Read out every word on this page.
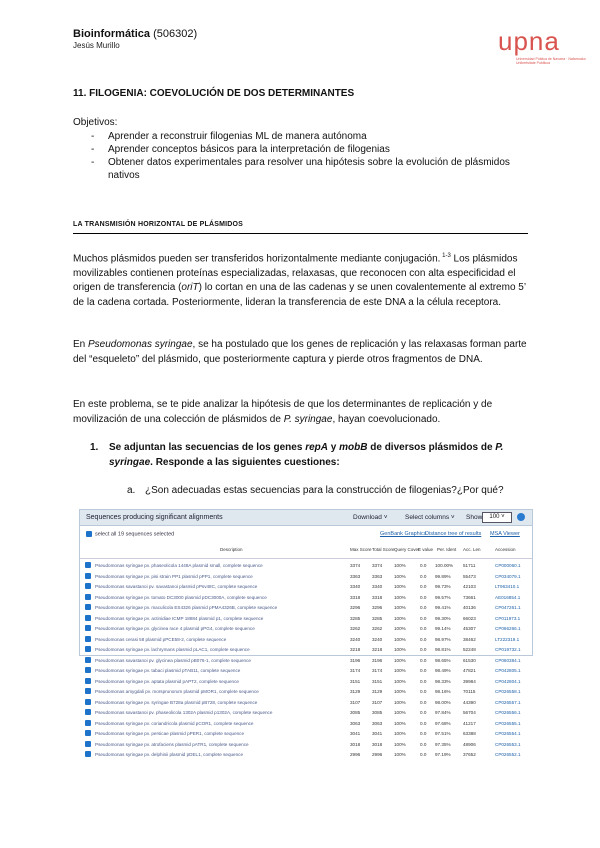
Bioinformática (506302)
Jesús Murillo	upna
Universidad Pública de Navarra · Nafarroako Unibertsitate Publikoa
11. FILOGENIA: COEVOLUCIÓN DE DOS DETERMINANTES
Objetivos:
- Aprender a reconstruir filogenias ML de manera autónoma
- Aprender conceptos básicos para la interpretación de filogenias
- Obtener datos experimentales para resolver una hipótesis sobre la evolución de plásmidos nativos
LA TRANSMISIÓN HORIZONTAL DE PLÁSMIDOS
Muchos plásmidos pueden ser transferidos horizontalmente mediante conjugación. $^{1-3}$ Los plásmidos movilizables contienen proteínas especializadas, relaxasas, que reconocen con alta especificidad el origen de transferencia (oriT) lo cortan en una de las cadenas y se unen covalentemente al extremo 5’ de la cadena cortada. Posteriormente, lideran la transferencia de este DNA a la célula receptora.
En Pseudomonas syringae, se ha postulado que los genes de replicación y las relaxasas forman parte del “esqueleto” del plásmido, que posteriormente captura y pierde otros fragmentos de DNA.
En este problema, se te pide analizar la hipótesis de que los determinantes de replicación y de movilización de una colección de plásmidos de P. syringae, hayan coevolucionado.
1.	Se adjuntan las secuencias de los genes repA y mobB de diversos plásmidos de P. syringae. Responde a las siguientes cuestiones:
a. ¿Son adecuadas estas secuencias para la construcción de filogenias?¿Por qué?
Sequences producing significant alignments	Download ˅	Select columns ˅ Show	100 ˅
select all 19 sequences selected	GenBank Graphics
Distance tree of results MSA Viewer
Description	Max Score Total Score Query Cover
E value Per. Ident Acc. Len	Accession
Pseudomonas syringae pv. phaseolicola 1448A plasmid small, complete sequence	3374	3374	100%	0.0 100.00% 51711	CP000060.1
Pseudomonas syringae pv. pisi strain PP1 plasmid pPP1, complete sequence	3363	3363	100%	0.0 99.89%	55473	CP034079.1
Pseudomonas savastanoi pv. savastanoi plasmid pPsv48C, complete sequence	3340	3340	100%	0.0 99.73%	42103	LT963410.1
Pseudomonas syringae pv. tomato DC3000 plasmid pDC3000A, complete sequence	3318	3318	100%	0.0 99.57%	73661	AE016854.1
Pseudomonas syringae pv. maculicola ES4326 plasmid pPMA4326B, complete sequence	3296	3296	100%	0.0 99.41%	40136	CP047261.1
Pseudomonas syringae pv. actinidiae ICMP 18884 plasmid p1, complete sequence	3285	3285	100%	0.0 99.30%	66023	CP011973.1
Pseudomonas syringae pv. glycinea race 4 plasmid pPG4, complete sequence	3262	3262	100%	0.0 99.14%	45307	CP066266.1
Pseudomonas cerasi 58 plasmid pPCE58-2, complete sequence	3240	3240	100%	0.0 98.97%	38462	LT222319.1
Pseudomonas syringae pv. lachrymans plasmid pLAC1, complete sequence	3218	3218	100%	0.0 98.81%	52248	CP019732.1
Pseudomonas savastanoi pv. glycinea plasmid pB076-1, complete sequence	3196	3196	100%	0.0 98.65%	61530	CP060384.1
Pseudomonas syringae pv. tabaci plasmid pTAB11, complete sequence	3174	3174	100%	0.0 98.49%	47821	CP042805.1
Pseudomonas syringae pv. aptata plasmid pAPT2, complete sequence	3151	3151	100%	0.0 98.33%	39984	CP042804.1
Pseudomonas amygdali pv. morsprunorum plasmid pMOR1, complete sequence	3129	3129	100%	0.0 98.16%	70115	CP026558.1
Pseudomonas syringae pv. syringae B728a plasmid pB728, complete sequence	3107	3107	100%	0.0 98.00%	44390	CP026557.1
Pseudomonas savastanoi pv. phaseolicola 1302A plasmid p1302A, complete sequence	3085	3085	100%	0.0 97.84%	56704	CP026556.1
Pseudomonas syringae pv. coriandricola plasmid pCOR1, complete sequence	3063	3063	100%	0.0 97.68%	41217	CP026555.1
Pseudomonas syringae pv. persicae plasmid pPER1, complete sequence	3041	3041	100%	0.0 97.51%	63388	CP026554.1
Pseudomonas syringae pv. atrofaciens plasmid pATR1, complete sequence	3018	3018	100%	0.0 97.35%	48906	CP026553.1
Pseudomonas syringae pv. delphinii plasmid pDEL1, complete sequence	2996	2996	100%	0.0 97.19%	37652	CP026552.1
